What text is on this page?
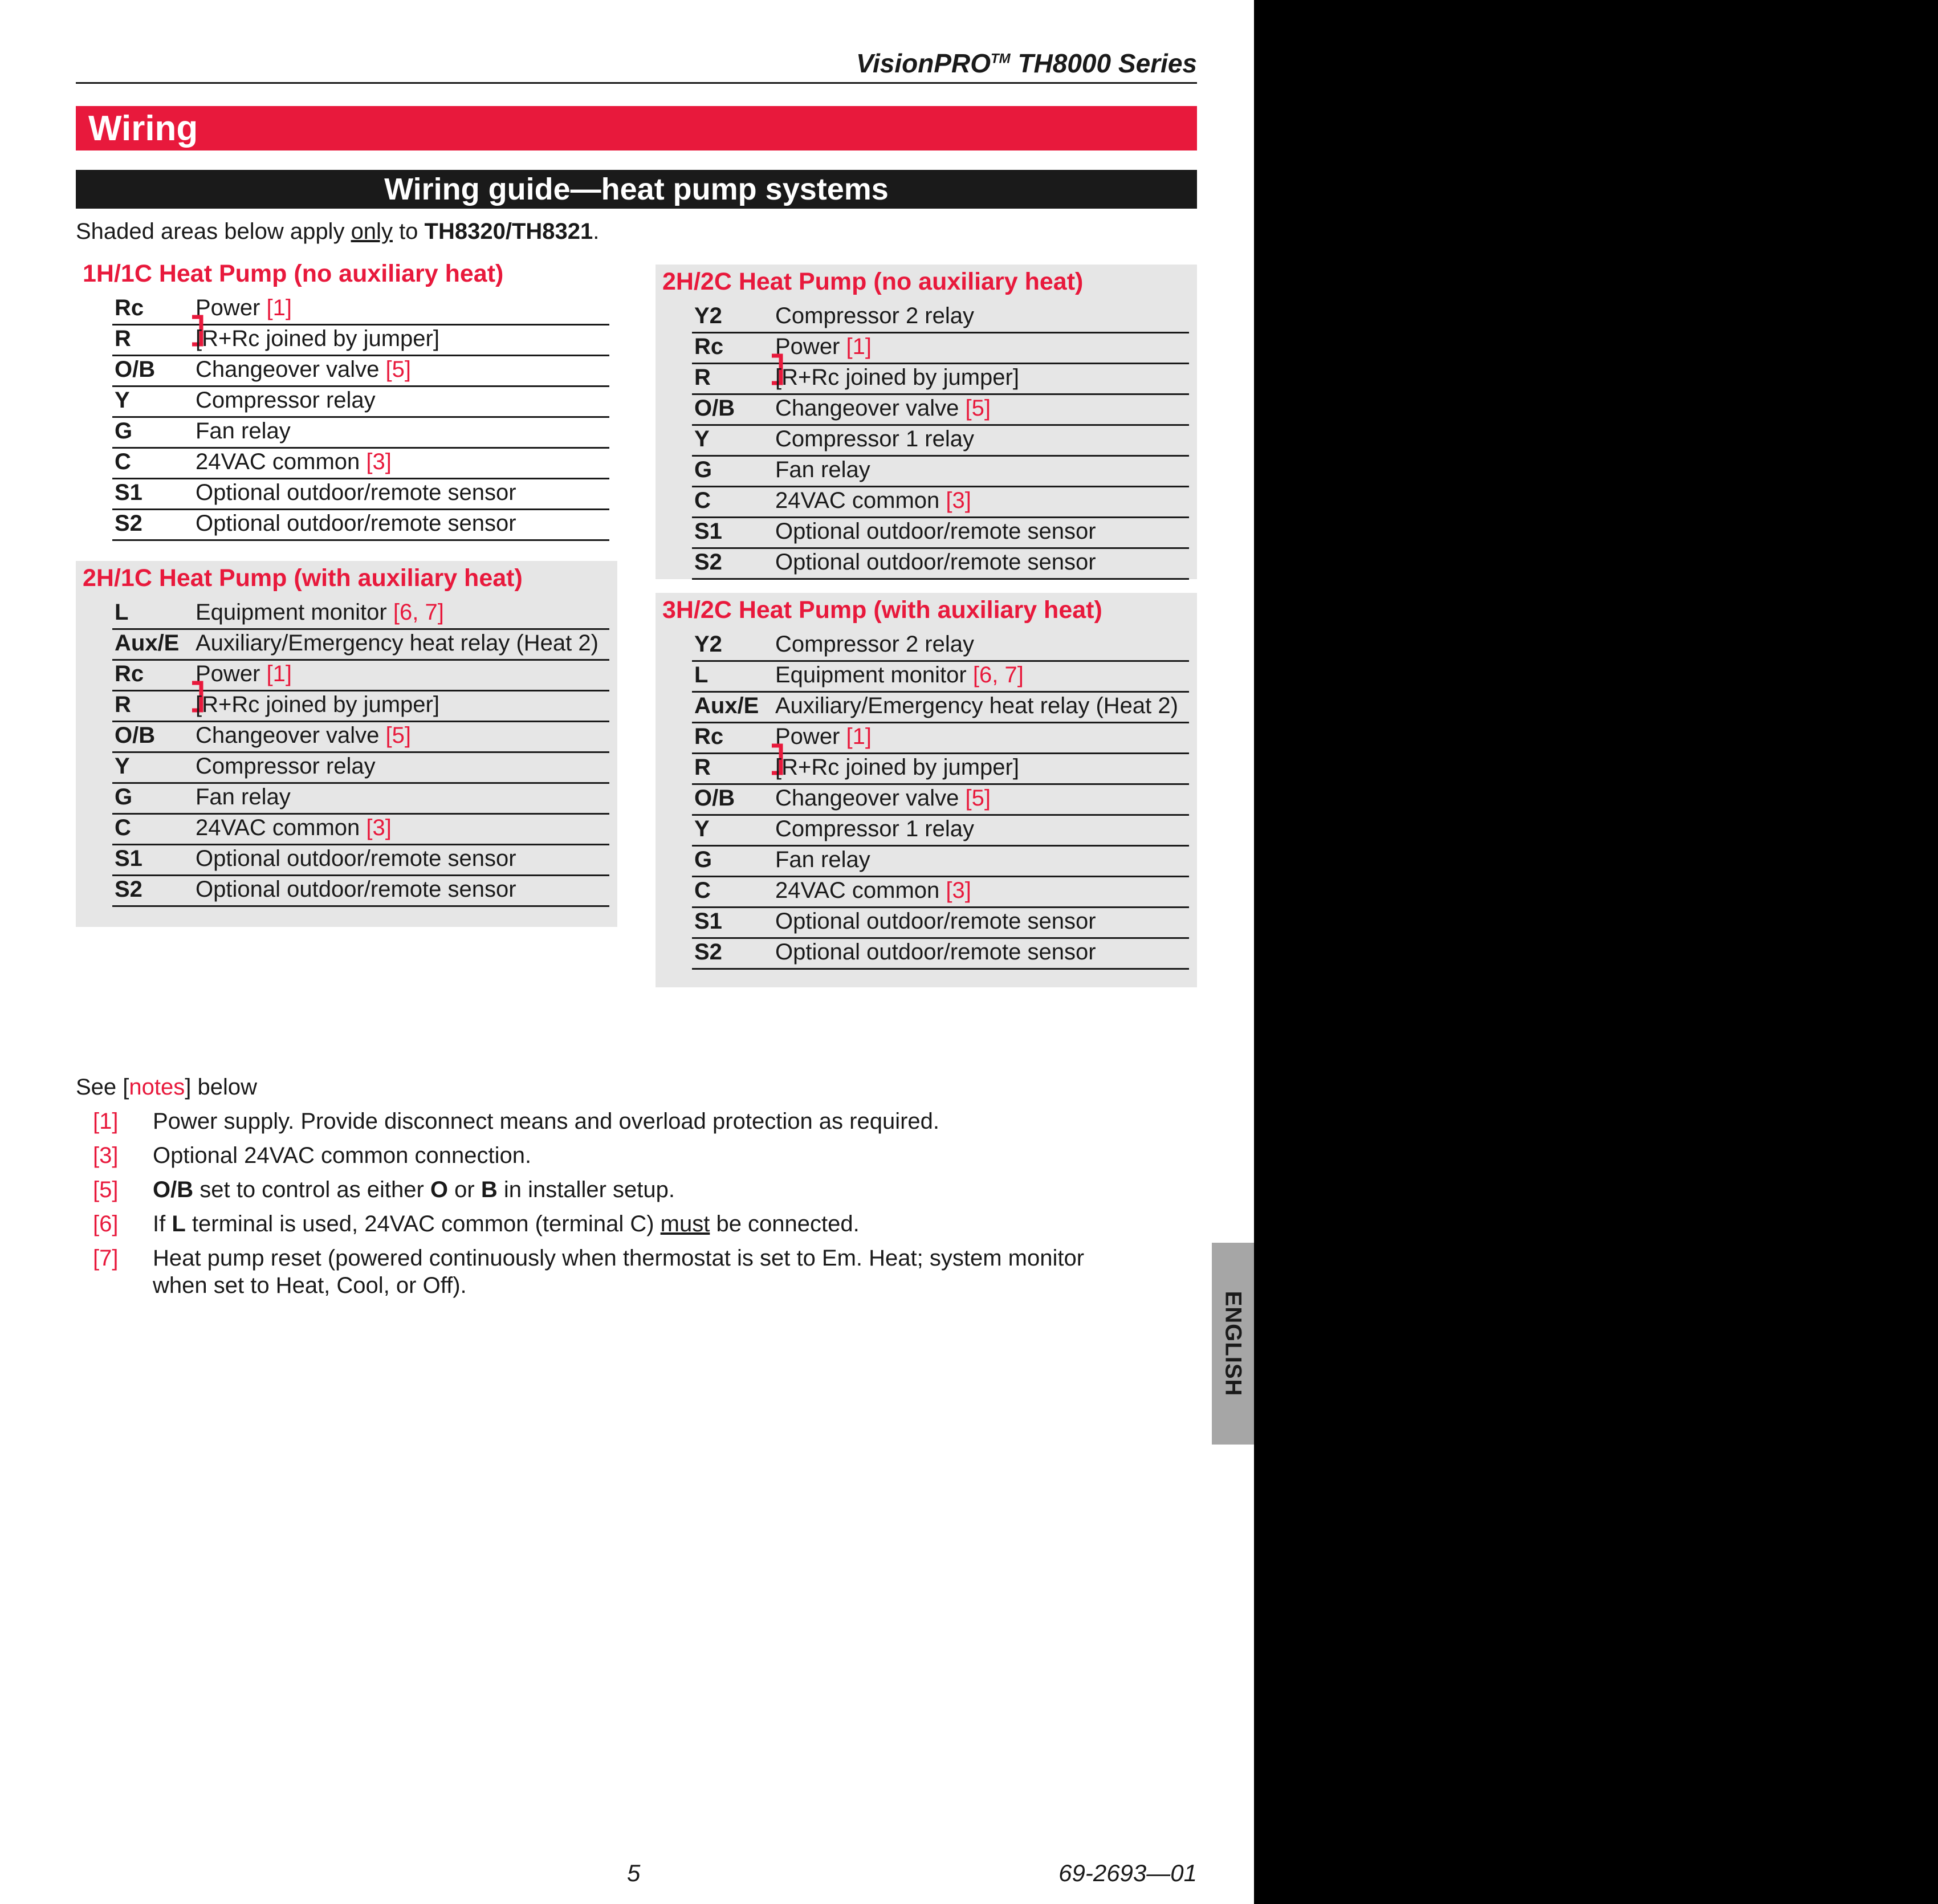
ENGLISH
VisionPRO™ TH8000 Series
Wiring
Wiring guide—heat pump systems
Shaded areas below apply only to TH8320/TH8321.
1H/1C Heat Pump (no auxiliary heat)
Rc Power [1]
R	[R+Rc joined by jumper]
O/B Changeover valve [5]
Y	Compressor relay
G	Fan relay
C	24VAC common [3]
S1 Optional outdoor/remote sensor
S2 Optional outdoor/remote sensor
2H/1C Heat Pump (with auxiliary heat)
L	Equipment monitor [6, 7]
Aux/E Auxiliary/Emergency heat relay (Heat 2)
Rc Power [1]
R	[R+Rc joined by jumper]
O/B Changeover valve [5]
Y	Compressor relay
G	Fan relay
C	24VAC common [3]
S1 Optional outdoor/remote sensor
S2 Optional outdoor/remote sensor
2H/2C Heat Pump (no auxiliary heat)
Y2 Compressor 2 relay
Rc Power [1]
R	[R+Rc joined by jumper]
O/B Changeover valve [5]
Y	Compressor 1 relay
G	Fan relay
C	24VAC common [3]
S1 Optional outdoor/remote sensor
S2 Optional outdoor/remote sensor
3H/2C Heat Pump (with auxiliary heat)
Y2 Compressor 2 relay
L	Equipment monitor [6, 7]
Aux/E Auxiliary/Emergency heat relay (Heat 2)
Rc Power [1]
R	[R+Rc joined by jumper]
O/B Changeover valve [5]
Y	Compressor 1 relay
G	Fan relay
C	24VAC common [3]
S1 Optional outdoor/remote sensor
S2 Optional outdoor/remote sensor
See [notes] below
[1] Power supply. Provide disconnect means and overload protection as required.
[3] Optional 24VAC common connection.
[5] O/B set to control as either O or B in installer setup.
[6] If L terminal is used, 24VAC common (terminal C) must be connected.
[7] Heat pump reset (powered continuously when thermostat is set to Em. Heat; system monitor
when set to Heat, Cool, or Off).
5	69-2693—01
